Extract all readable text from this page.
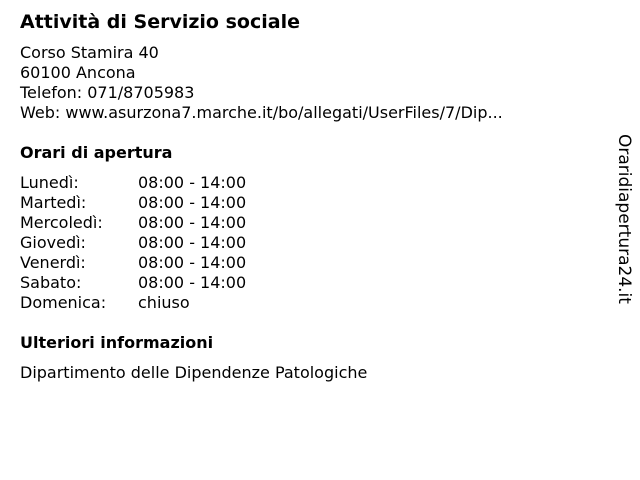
Attività di Servizio sociale
Corso Stamira 40
60100 Ancona
Telefon: 071/8705983
Web: www.asurzona7.marche.it/bo/allegati/UserFiles/7/Dip...
Orari di apertura
Lunedì:	08:00 - 14:00
Martedì:	08:00 - 14:00
Mercoledì: 08:00 - 14:00
Giovedì:	08:00 - 14:00
Venerdì:	08:00 - 14:00
Sabato:	08:00 - 14:00
Domenica: chiuso
Ulteriori informazioni
Dipartimento delle Dipendenze Patologiche
Oraridiapertura24.it
